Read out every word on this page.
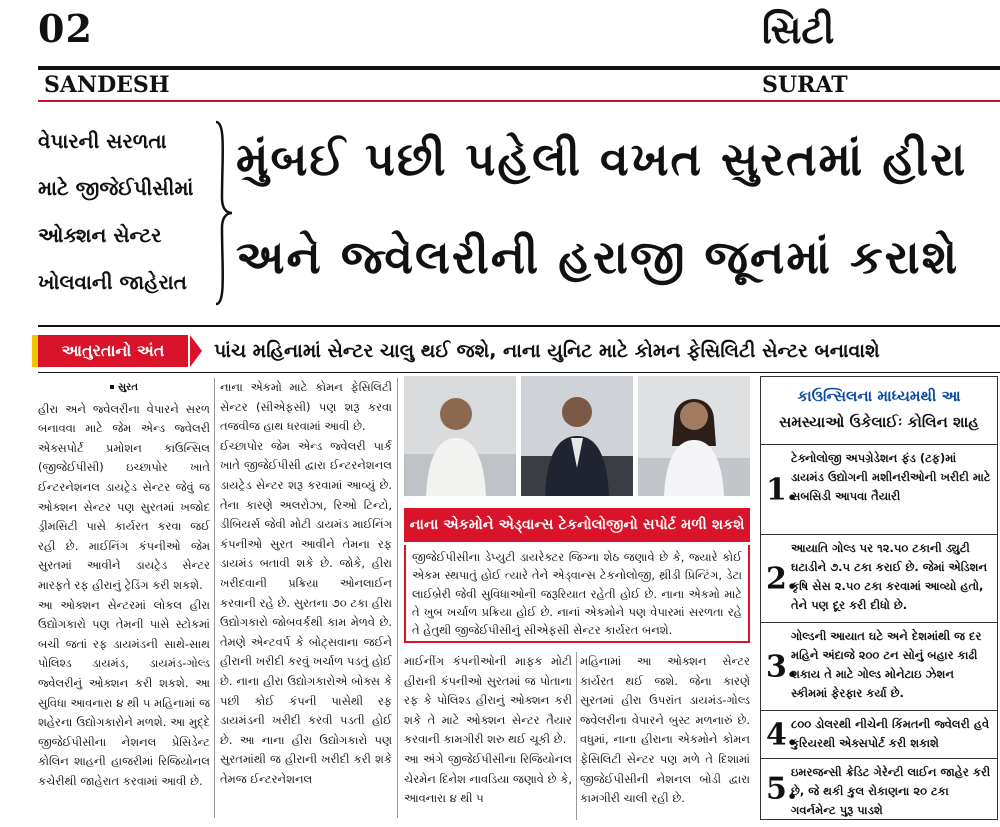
02
SANDESH
સિટી
SURAT
વેપારની સરળતા
માટે જીજેઈપીસીમાં
ઓક્શન સેન્ટર
ખોલવાની જાહેરાત
મુંબઈ પછી પહેલી વખત સુરતમાં હીરા
અને જ્વેલરીની હરાજી જૂનમાં કરાશે
આતુરતાનો અંત	પાંચ મહિનામાં સેન્ટર ચાલુ થઈ જશે, નાના યુનિટ માટે કોમન ફેસિલિટી સેન્ટર બનાવાશે
સુરત

હીરા અને જ્વેલરીના વેપારને સરળ બનાવવા માટે જેમ એન્ડ જ્વેલરી એક્સપોર્ટ પ્રમોશન કાઉન્સિલ (જીજેઈપીસી) ઇચ્છાપોર ખાતે ઈન્ટરનેશનલ ડાયટ્રેડ સેન્ટર જેવું જ ઓક્શન સેન્ટર પણ સુરતમાં ખજોદ ડ્રીમસિટી પાસે કાર્યરત કરવા જઈ રહી છે. માઈનિંગ કંપનીઓ જેમ સુરતમાં આવીને ડાયટ્રેડ સેન્ટર મારફતે રફ હીરાનું ટ્રેડિંગ કરી શકશે.

આ ઓક્શન સેન્ટરમાં લોકલ હીરા ઉદ્યોગકારો પણ તેમની પાસે સ્ટોકમાં બચી જતાં રફ ડાયમંડની સાથે-સાથ પોલિશ્ડ ડાયમંડ, ડાયમંડ-ગોલ્ડ જ્વેલરીનું ઓક્શન કરી શકશે. આ સુવિધા આવનારા ૪ થી ૫ મહિનામાં જ શહેરના ઉદ્યોગકારોને મળશે. આ મુદ્દે જીજેઈપીસીના નેશનલ પ્રેસિડેન્ટ કોલિન શાહની હાજરીમાં રિજિયોનલ કચેરીથી જાહેરાત કરવામાં આવી છે.

નાના એકમો માટે કોમન ફેસિલિટી સેન્ટર (સીએફસી) પણ શરૂ કરવા તજવીજ હાથ ધરવામાં આવી છે.

ઈચ્છાપોર જેમ એન્ડ જ્વેલરી પાર્ક ખાતે જીજેઈપીસી દ્વારા ઈન્ટરનેશનલ ડાયટ્રેડ સેન્ટર શરૂ કરવામાં આવ્યું છે. તેના કારણે અલરોઝા, રિઓ ટિન્ટો, ડીબિયર્સ જેવી મોટી ડાયમંડ માઈનિંગ કંપનીઓ સુરત આવીને તેમના રફ ડાયમંડ બતાવી શકે છે. જોકે, હીરા ખરીદવાની પ્રક્રિયા ઓનલાઈન કરવાની રહે છે. સુરતના ૭૦ ટકા હીરા ઉદ્યોગકારો જોબવર્કથી કામ મેળવે છે. તેમણે એન્ટવર્પ કે બોટ્સવાના જઈને હીરાની ખરીદી કરવું ખર્ચાળ પડતું હોઈ છે. નાના હીરા ઉદ્યોગકારોએ બોક્સ કે પછી કોઈ કંપની પાસેથી રફ ડાયમંડની ખરીદી કરવી પડતી હોઈ છે. આ નાના હીરા ઉદ્યોગકારો પણ સુરતમાંથી જ હીરાની ખરીદી કરી શકે તેમજ ઈન્ટરનેશનલ

નાના એકમોને એડ્વાન્સ ટેકનોલોજીનો સપોર્ટ મળી શકશે

જીજેઈપીસીના ડેપ્યુટી ડાયરેક્ટર જિગ્ના શેઠ જણાવે છે કે, જ્યારે કોઈ એકમ સ્થપાતું હોઈ ત્યારે તેને એડ્વાન્સ ટેકનોલોજી, થ્રીડી પ્રિન્ટિંગ, ડેટા લાઈબ્રેરી જેવી સુવિધાઓની જરૂરિયાત રહેતી હોઈ છે. નાના એકમો માટે તે ખુબ ખર્ચાળ પ્રક્રિયા હોઈ છે. નાનાં એકમોને પણ વેપારમાં સરળતા રહે તે હેતુથી જીજેઈપીસીનું સીએફસી સેન્ટર કાર્યરત બનશે.

માઈનીંગ કંપનીઓની માફક મોટી હીરાની કંપનીઓ સુરતમાં જ પોતાના રફ કે પોલિશ્ડ હીરાનું ઓક્શન કરી શકે તે માટે ઓક્શન સેન્ટર તૈયાર કરવાની કામગીરી શરુ થઈ ચૂકી છે.

આ અંગે જીજેઈપીસીના રિજિયોનલ ચેરમેન દિનેશ નાવડિયા જણાવે છે કે, આવનારા ૪ થી ૫

મહિનામાં આ ઓક્શન સેન્ટર કાર્યરત થઈ જશે. જેના કારણે સુરતમાં હીરા ઉપરાંત ડાયમંડ-ગોલ્ડ જ્વેલરીના વેપારને બુસ્ટ મળનારું છે. વધુમાં, નાના હીરાના એકમોને કોમન ફેસિલિટી સેન્ટર પણ મળે તે દિશામાં જીજેઈપીસીની નેશનલ બોડી દ્વારા કામગીરી ચાલી રહી છે.

કાઉન્સિલના માધ્યમથી આ
સમસ્યાઓ ઉકેલાઈઃ કોલિન શાહ
1.
ટેક્નોલોજી અપગ્રેડેશન ફંડ (ટફ)માં ડાયમંડ ઉદ્યોગની મશીનરીઓની ખરીદી માટે સબસિડી આપવા તૈયારી
2.
આયાતિ ગોલ્ડ પર ૧૨.૫૦ ટકાની ડ્યુટી ઘટાડીને ૭.૫ ટકા કરાઈ છે. જેમાં એડિશન કૃષિ સેસ ૨.૫૦ ટકા કરવામાં આવ્યો હતો, તેને પણ દૂર કરી દીધો છે.
3.
ગોલ્ડની આયાત ઘટે અને દેશમાંથી જ દર મહિને અંદાજે ૨૦૦ ટન સોનું બહાર કાઢી શકાય તે માટે ગોલ્ડ મોનેટાઇ ઝેશન સ્કીમમાં ફેરફાર કર્યા છે.
4.
૮૦૦ ડોલરથી નીચેની કિંમતની જ્વેલરી હવે કુરિયરથી એક્સપોર્ટ કરી શકાશે
5.
ઇમરજન્સી ક્રેડિટ ગેરેન્ટી લાઈન જાહેર કરી છે, જે થકી કુલ રોકાણના ૨૦ ટકા ગવર્નમેન્ટ પુરૂ પાડશે
